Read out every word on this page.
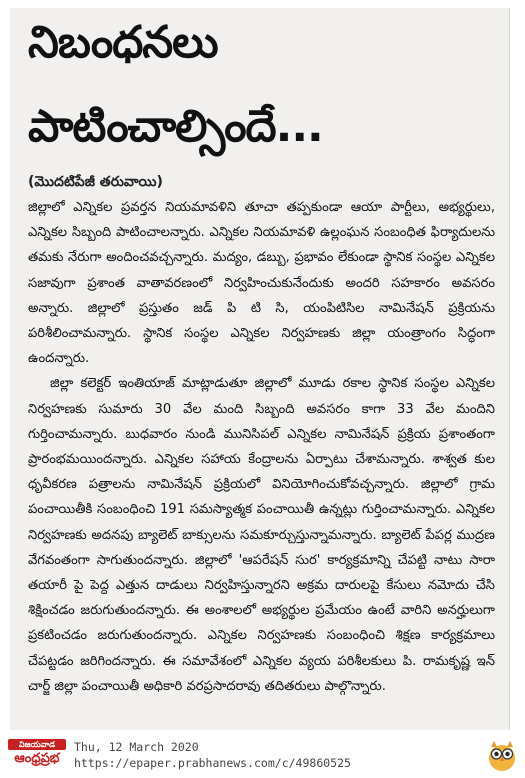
నిబంధనలు
పాటించాల్సిందే...
(మొదటిపేజీ తరువాయి)

జిల్లాలో ఎన్నికల ప్రవర్తన నియమావళిని తూచా తప్పకుండా ఆయా పార్టీలు, అభ్యర్థులు, ఎన్నికల సిబ్బంది పాటించాలన్నారు. ఎన్నికల నియమావళి ఉల్లంఘన సంబంధిత ఫిర్యాదులను తమకు నేరుగా అందించవచ్చన్నారు. మద్యం, డబ్బు, ప్రభావం లేకుండా స్థానిక సంస్థల ఎన్నికల సజావుగా ప్రశాంత వాతావరణంలో నిర్వహించుకునేందుకు అందరి సహకారం అవసరం అన్నారు. జిల్లాలో ప్రస్తుతం జడ్ పి టి సి, యంపిటిసిల నామినేషన్ ప్రక్రియను పరిశీలించామన్నారు. స్థానిక సంస్థల ఎన్నికల నిర్వహణకు జిల్లా యంత్రాంగం సిద్ధంగా ఉందన్నారు.

జిల్లా కలెక్టర్ ఇంతియాజ్ మాట్లాడుతూ జిల్లాలో మూడు రకాల స్థానిక సంస్థల ఎన్నికల నిర్వహణకు సుమారు 30 వేల మంది సిబ్బంది అవసరం కాగా 33 వేల మందిని గుర్తించామన్నారు. బుధవారం నుండి మునిసిపల్ ఎన్నికల నామినేషన్ ప్రక్రియ ప్రశాంతంగా ప్రారంభమయిందన్నారు. ఎన్నికల సహాయ కేంద్రాలను ఏర్పాటు చేశామన్నారు. శాశ్వత కుల ధృవీకరణ పత్రాలను నామినేషన్ ప్రక్రియలో వినియోగించుకోవచ్చన్నారు. జిల్లాలో గ్రామ పంచాయితీకి సంబంధించి 191 సమస్యాత్మక పంచాయితీ ఉన్నట్లు గుర్తించామన్నారు. ఎన్నికల నిర్వహణకు అదనపు బ్యాలెట్ బాక్సులను సమకూర్చుస్తున్నామన్నారు. బ్యాలెట్ పేపర్ల ముద్రణ వేగవంతంగా సాగుతుందన్నారు. జిల్లాలో 'ఆపరేషన్ సుర' కార్యక్రమాన్ని చేపట్టి నాటు సారా తయారీ పై పెద్ద ఎత్తున దాడులు నిర్వహిస్తున్నారని అక్రమ దారులపై కేసులు నమోదు చేసి శిక్షించడం జరుగుతుందన్నారు. ఈ అంశాలలో అభ్యర్థుల ప్రమేయం ఉంటే వారిని అనర్హులుగా ప్రకటించడం జరుగుతుందన్నారు. ఎన్నికల నిర్వహణకు సంబంధించి శిక్షణ కార్యక్రమాలు చేపట్టడం జరిగిందన్నారు. ఈ సమావేశంలో ఎన్నికల వ్యయ పరిశీలకులు పి. రామకృష్ణ ఇన్ చార్జ్ జిల్లా పంచాయితీ అధికారి వరప్రసాదరావు తదితరులు పాల్గొన్నారు.

విజయవాడ
ఆంధ్రప్రభ
Thu, 12 March 2020
https://epaper.prabhanews.com/c/49860525
